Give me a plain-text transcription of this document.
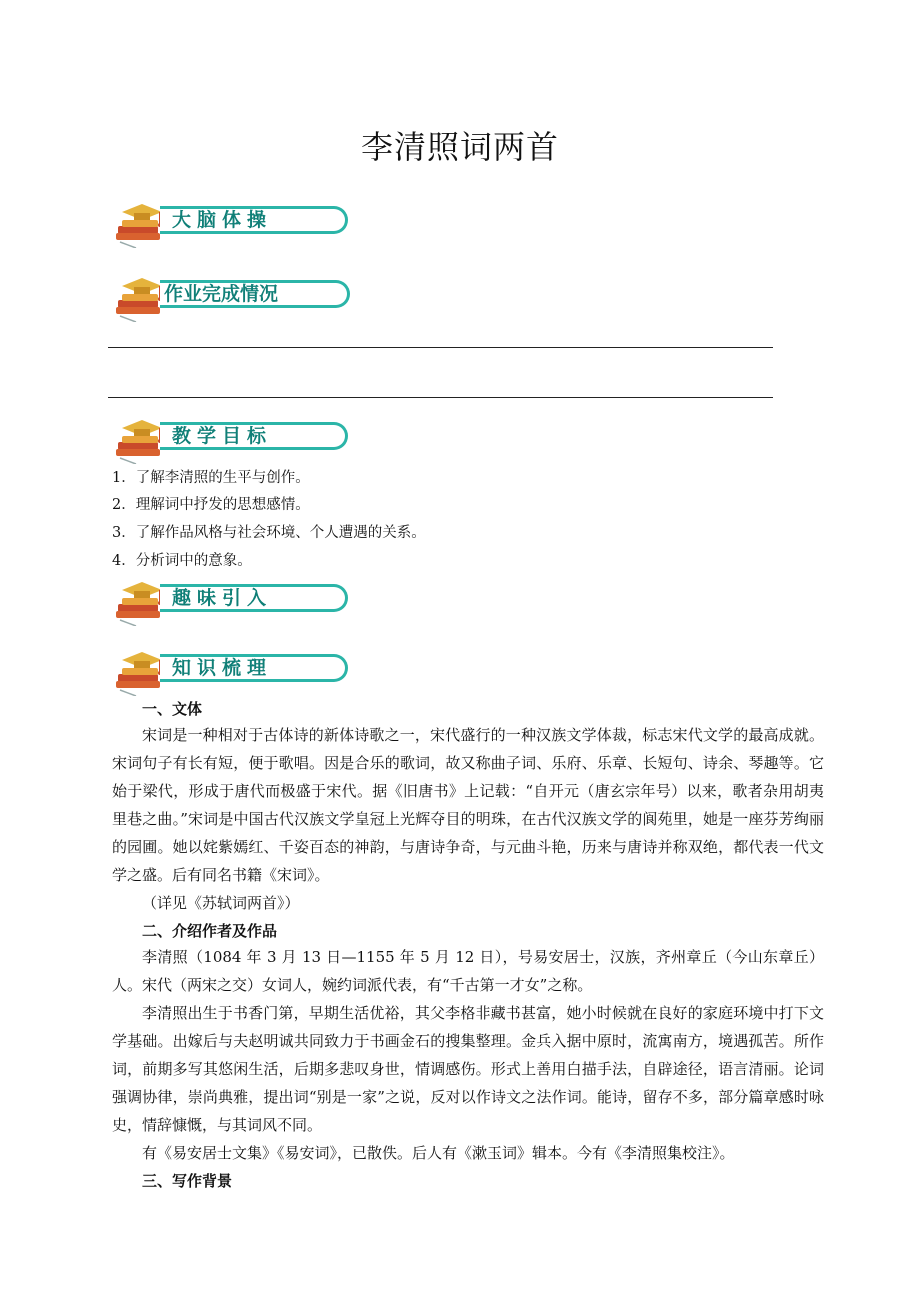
李清照词两首
大脑体操
作业完成情况
教学目标
1．了解李清照的生平与创作。
2．理解词中抒发的思想感情。
3．了解作品风格与社会环境、个人遭遇的关系。
4．分析词中的意象。
趣味引入
知识梳理
一、文体

宋词是一种相对于古体诗的新体诗歌之一，宋代盛行的一种汉族文学体裁，标志宋代文学的最高成就。宋词句子有长有短，便于歌唱。因是合乐的歌词，故又称曲子词、乐府、乐章、长短句、诗余、琴趣等。它始于梁代，形成于唐代而极盛于宋代。据《旧唐书》上记载：“自开元（唐玄宗年号）以来，歌者杂用胡夷里巷之曲。”宋词是中国古代汉族文学皇冠上光辉夺目的明珠，在古代汉族文学的阆苑里，她是一座芬芳绚丽的园圃。她以姹紫嫣红、千姿百态的神韵，与唐诗争奇，与元曲斗艳，历来与唐诗并称双绝，都代表一代文学之盛。后有同名书籍《宋词》。

（详见《苏轼词两首》）
二、介绍作者及作品

李清照（1084 年 3 月 13 日—1155 年 5 月 12 日），号易安居士，汉族，齐州章丘（今山东章丘）人。宋代（两宋之交）女词人，婉约词派代表，有“千古第一才女”之称。

李清照出生于书香门第，早期生活优裕，其父李格非藏书甚富，她小时候就在良好的家庭环境中打下文学基础。出嫁后与夫赵明诚共同致力于书画金石的搜集整理。金兵入据中原时，流寓南方，境遇孤苦。所作词，前期多写其悠闲生活，后期多悲叹身世，情调感伤。形式上善用白描手法，自辟途径，语言清丽。论词强调协律，崇尚典雅，提出词“别是一家”之说，反对以作诗文之法作词。能诗，留存不多，部分篇章感时咏史，情辞慷慨，与其词风不同。

有《易安居士文集》《易安词》，已散佚。后人有《漱玉词》辑本。今有《李清照集校注》。

三、写作背景
